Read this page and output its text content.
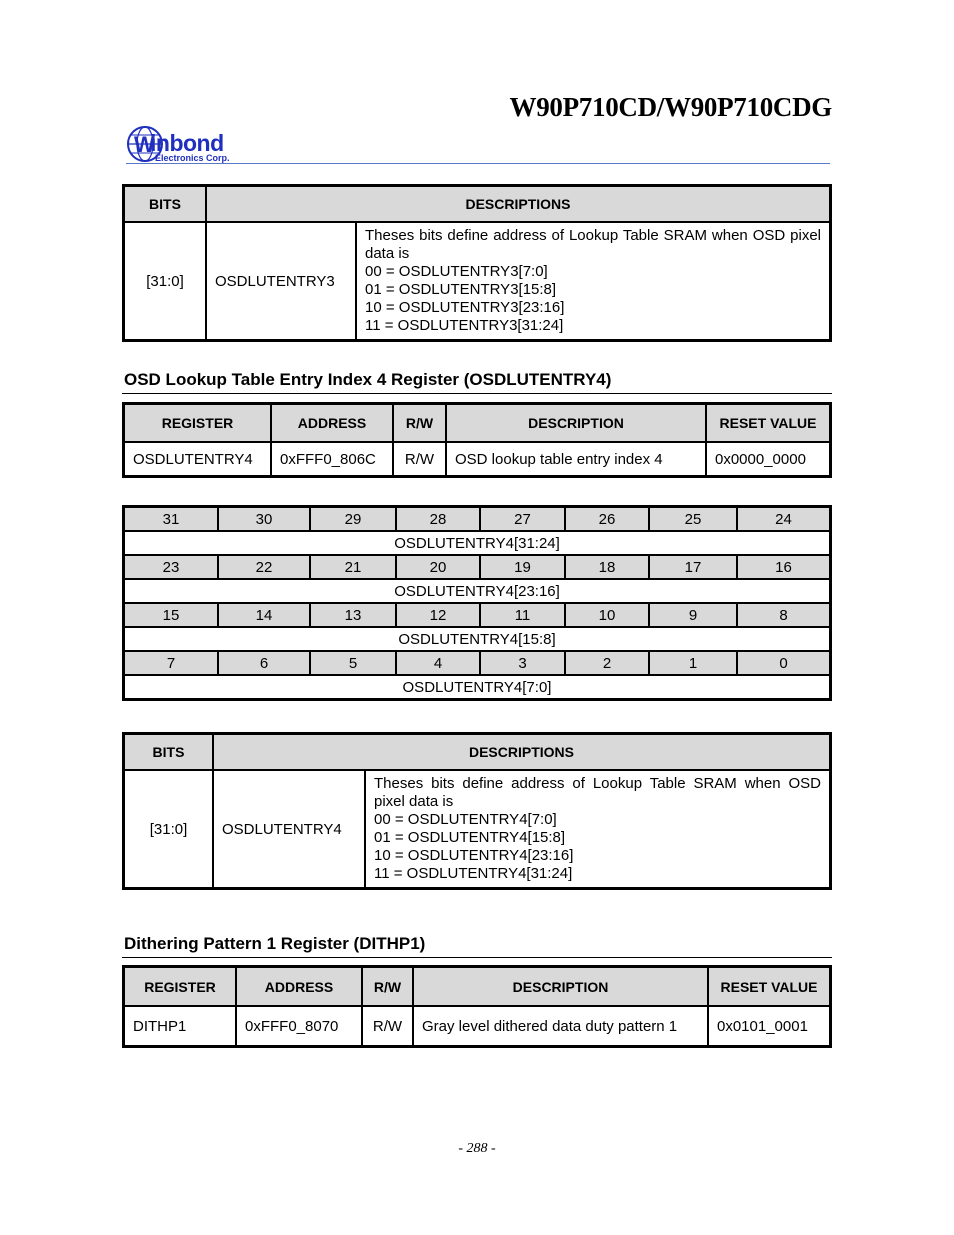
W90P710CD/W90P710CDG
W
inbond
Electronics Corp.
BITS	DESCRIPTIONS	
[31:0]	OSDLUTENTRY3	Theses bits define address of Lookup Table SRAM when OSD pixel data is
00 = OSDLUTENTRY3[7:0]
01 = OSDLUTENTRY3[15:8]
10 = OSDLUTENTRY3[23:16]
11 = OSDLUTENTRY3[31:24]
OSD Lookup Table Entry Index 4 Register (OSDLUTENTRY4)
REGISTER	ADDRESS	R/W	DESCRIPTION	RESET VALUE
OSDLUTENTRY4	0xFFF0_806C	R/W	OSD lookup table entry index 4	0x0000_0000
31	30	29	28	27	26	25	24
OSDLUTENTRY4[31:24]							
23	22	21	20	19	18	17	16
OSDLUTENTRY4[23:16]							
15	14	13	12	11	10	9	8
OSDLUTENTRY4[15:8]							
7	6	5	4	3	2	1	0
OSDLUTENTRY4[7:0]							
BITS	DESCRIPTIONS	
[31:0]	OSDLUTENTRY4	Theses bits define address of Lookup Table SRAM when OSD pixel data is
00 = OSDLUTENTRY4[7:0]
01 = OSDLUTENTRY4[15:8]
10 = OSDLUTENTRY4[23:16]
11 = OSDLUTENTRY4[31:24]
Dithering Pattern 1 Register (DITHP1)
REGISTER	ADDRESS	R/W	DESCRIPTION	RESET VALUE
DITHP1	0xFFF0_8070	R/W	Gray level dithered data duty pattern 1	0x0101_0001
- 288 -
